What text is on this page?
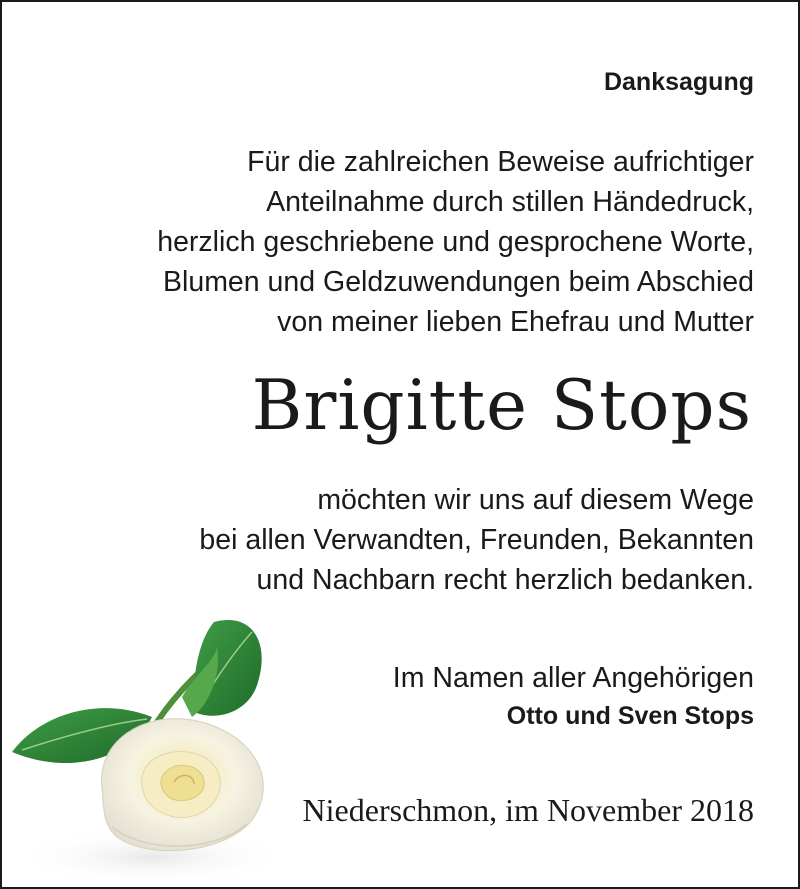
Danksagung
Für die zahlreichen Beweise aufrichtiger
Anteilnahme durch stillen Händedruck,
herzlich geschriebene und gesprochene Worte,
Blumen und Geldzuwendungen beim Abschied
von meiner lieben Ehefrau und Mutter
Brigitte Stops
möchten wir uns auf diesem Wege
bei allen Verwandten, Freunden, Bekannten
und Nachbarn recht herzlich bedanken.
Im Namen aller Angehörigen
Otto und Sven Stops
Niederschmon, im November 2018
